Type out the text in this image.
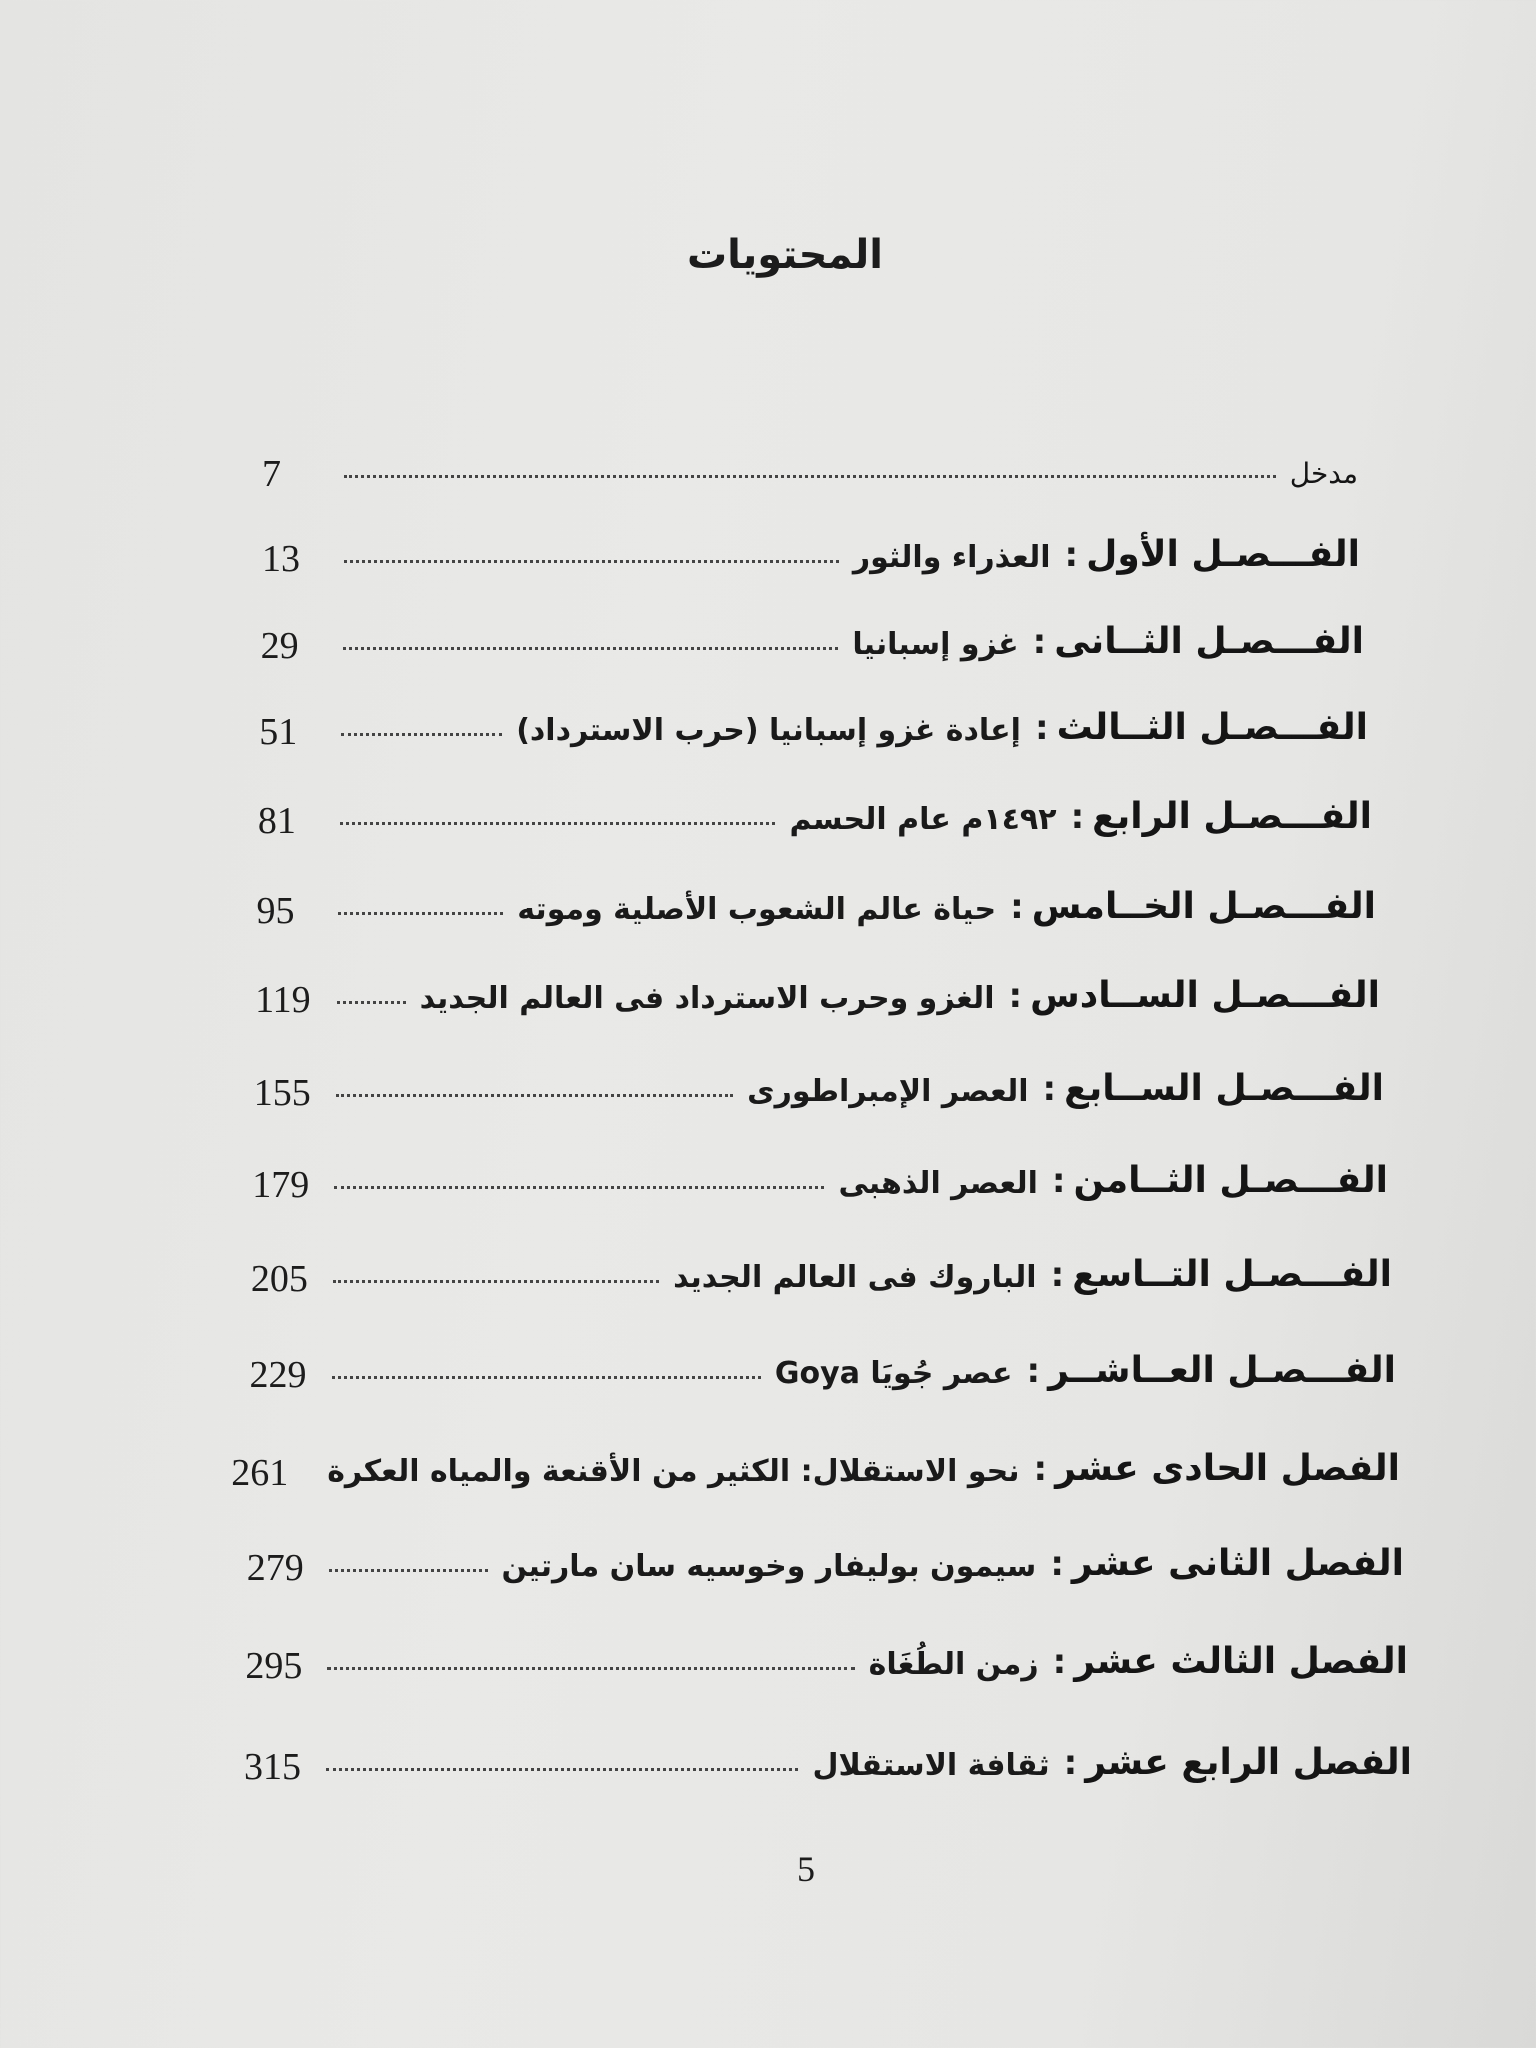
المحتويات
مدخل
7
الفـــصـل الأول
:
العذراء والثور
13
الفـــصـل الثــانى
:
غزو إسبانيا
29
الفـــصـل الثــالث
:
إعادة غزو إسبانيا (حرب الاسترداد)
51
الفـــصـل الرابع
:
١٤٩٢م عام الحسم
81
الفـــصـل الخــامس
:
حياة عالم الشعوب الأصلية وموته
95
الفـــصـل الســادس
:
الغزو وحرب الاسترداد فى العالم الجديد
119
الفـــصـل الســابع
:
العصر الإمبراطورى
155
الفـــصـل الثــامن
:
العصر الذهبى
179
الفـــصـل التــاسع
:
الباروك فى العالم الجديد
205
الفـــصـل العــاشــر
:
عصر جُويَا Goya
229
الفصل الحادى عشر
:
نحو الاستقلال: الكثير من الأقنعة والمياه العكرة
261
الفصل الثانى عشر
:
سيمون بوليفار وخوسيه سان مارتين
279
الفصل الثالث عشر
:
زمن الطُغَاة
295
الفصل الرابع عشر
:
ثقافة الاستقلال
315
5
